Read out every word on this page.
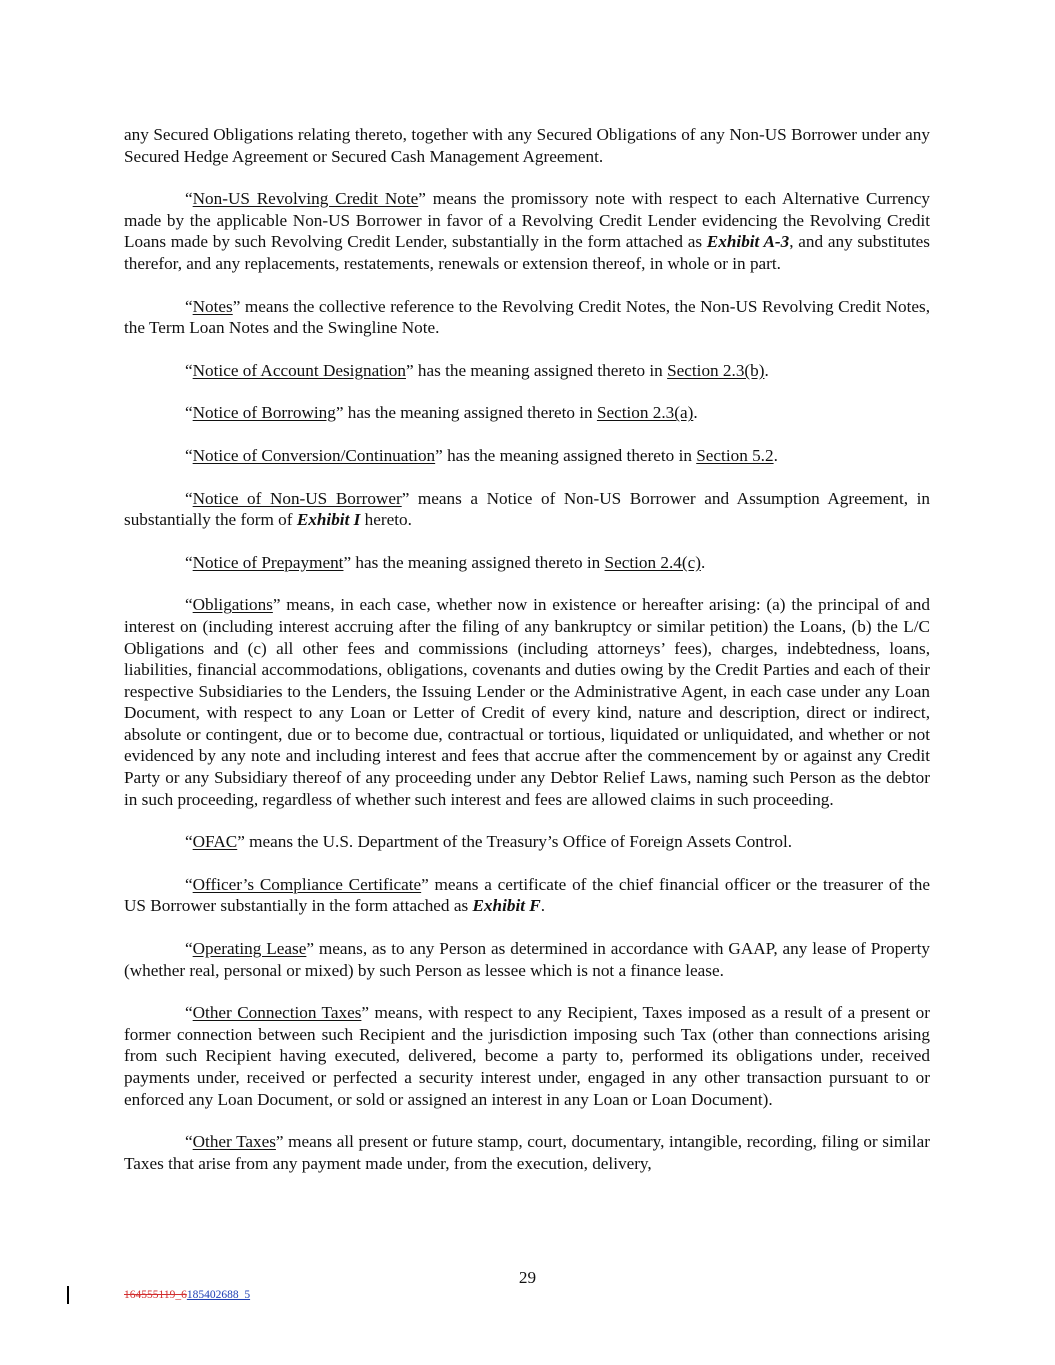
any Secured Obligations relating thereto, together with any Secured Obligations of any Non-US Borrower under any Secured Hedge Agreement or Secured Cash Management Agreement.

“Non-US Revolving Credit Note” means the promissory note with respect to each Alternative Currency made by the applicable Non-US Borrower in favor of a Revolving Credit Lender evidencing the Revolving Credit Loans made by such Revolving Credit Lender, substantially in the form attached as Exhibit A-3, and any substitutes therefor, and any replacements, restatements, renewals or extension thereof, in whole or in part.

“Notes” means the collective reference to the Revolving Credit Notes, the Non-US Revolving Credit Notes, the Term Loan Notes and the Swingline Note.

“Notice of Account Designation” has the meaning assigned thereto in Section 2.3(b).

“Notice of Borrowing” has the meaning assigned thereto in Section 2.3(a).

“Notice of Conversion/Continuation” has the meaning assigned thereto in Section 5.2.

“Notice of Non-US Borrower” means a Notice of Non-US Borrower and Assumption Agreement, in substantially the form of Exhibit I hereto.

“Notice of Prepayment” has the meaning assigned thereto in Section 2.4(c).

“Obligations” means, in each case, whether now in existence or hereafter arising: (a) the principal of and interest on (including interest accruing after the filing of any bankruptcy or similar petition) the Loans, (b) the L/C Obligations and (c) all other fees and commissions (including attorneys’ fees), charges, indebtedness, loans, liabilities, financial accommodations, obligations, covenants and duties owing by the Credit Parties and each of their respective Subsidiaries to the Lenders, the Issuing Lender or the Administrative Agent, in each case under any Loan Document, with respect to any Loan or Letter of Credit of every kind, nature and description, direct or indirect, absolute or contingent, due or to become due, contractual or tortious, liquidated or unliquidated, and whether or not evidenced by any note and including interest and fees that accrue after the commencement by or against any Credit Party or any Subsidiary thereof of any proceeding under any Debtor Relief Laws, naming such Person as the debtor in such proceeding, regardless of whether such interest and fees are allowed claims in such proceeding.

“OFAC” means the U.S. Department of the Treasury’s Office of Foreign Assets Control.

“Officer’s Compliance Certificate” means a certificate of the chief financial officer or the treasurer of the US Borrower substantially in the form attached as Exhibit F.

“Operating Lease” means, as to any Person as determined in accordance with GAAP, any lease of Property (whether real, personal or mixed) by such Person as lessee which is not a finance lease.

“Other Connection Taxes” means, with respect to any Recipient, Taxes imposed as a result of a present or former connection between such Recipient and the jurisdiction imposing such Tax (other than connections arising from such Recipient having executed, delivered, become a party to, performed its obligations under, received payments under, received or perfected a security interest under, engaged in any other transaction pursuant to or enforced any Loan Document, or sold or assigned an interest in any Loan or Loan Document).

“Other Taxes” means all present or future stamp, court, documentary, intangible, recording, filing or similar Taxes that arise from any payment made under, from the execution, delivery,

29
164555119_6185402688_5
